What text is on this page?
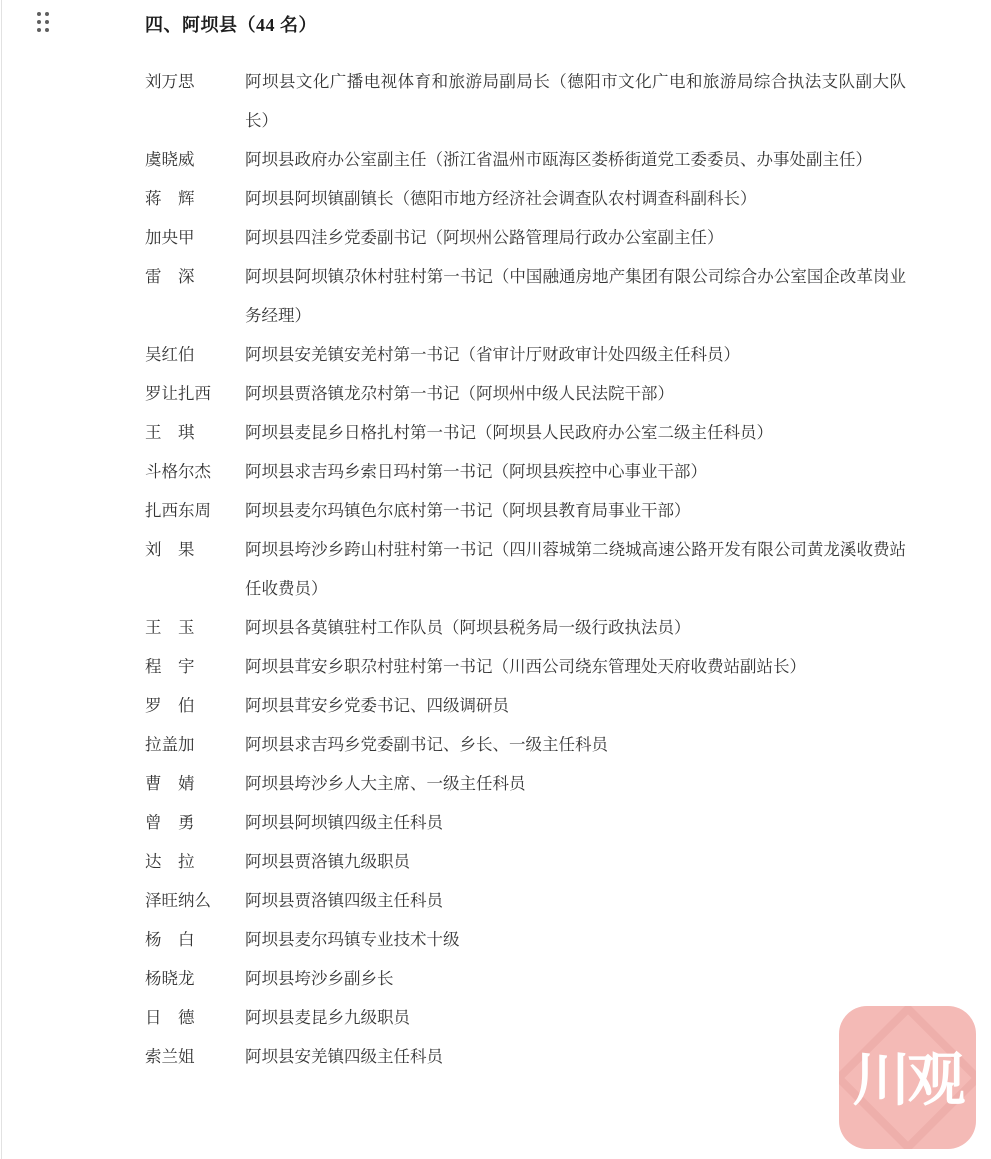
四、阿坝县（44 名）
刘万思	阿坝县文化广播电视体育和旅游局副局长（德阳市文化广电和旅游局综合执法支队副大队长）
虞晓威	阿坝县政府办公室副主任（浙江省温州市瓯海区娄桥街道党工委委员、办事处副主任）
蒋　辉	阿坝县阿坝镇副镇长（德阳市地方经济社会调查队农村调查科副科长）
加央甲	阿坝县四洼乡党委副书记（阿坝州公路管理局行政办公室副主任）
雷　深	阿坝县阿坝镇尕休村驻村第一书记（中国融通房地产集团有限公司综合办公室国企改革岗业务经理）
吴红伯	阿坝县安羌镇安羌村第一书记（省审计厅财政审计处四级主任科员）
罗让扎西	阿坝县贾洛镇龙尕村第一书记（阿坝州中级人民法院干部）
王　琪	阿坝县麦昆乡日格扎村第一书记（阿坝县人民政府办公室二级主任科员）
斗格尔杰	阿坝县求吉玛乡索日玛村第一书记（阿坝县疾控中心事业干部）
扎西东周	阿坝县麦尔玛镇色尔底村第一书记（阿坝县教育局事业干部）
刘　果	阿坝县垮沙乡跨山村驻村第一书记（四川蓉城第二绕城高速公路开发有限公司黄龙溪收费站任收费员）
王　玉	阿坝县各莫镇驻村工作队员（阿坝县税务局一级行政执法员）
程　宇	阿坝县茸安乡职尕村驻村第一书记（川西公司绕东管理处天府收费站副站长）
罗　伯	阿坝县茸安乡党委书记、四级调研员
拉盖加	阿坝县求吉玛乡党委副书记、乡长、一级主任科员
曹　婧	阿坝县垮沙乡人大主席、一级主任科员
曾　勇	阿坝县阿坝镇四级主任科员
达　拉	阿坝县贾洛镇九级职员
泽旺纳么	阿坝县贾洛镇四级主任科员
杨　白	阿坝县麦尔玛镇专业技术十级
杨晓龙	阿坝县垮沙乡副乡长
日　德	阿坝县麦昆乡九级职员
索兰姐	阿坝县安羌镇四级主任科员	川观
